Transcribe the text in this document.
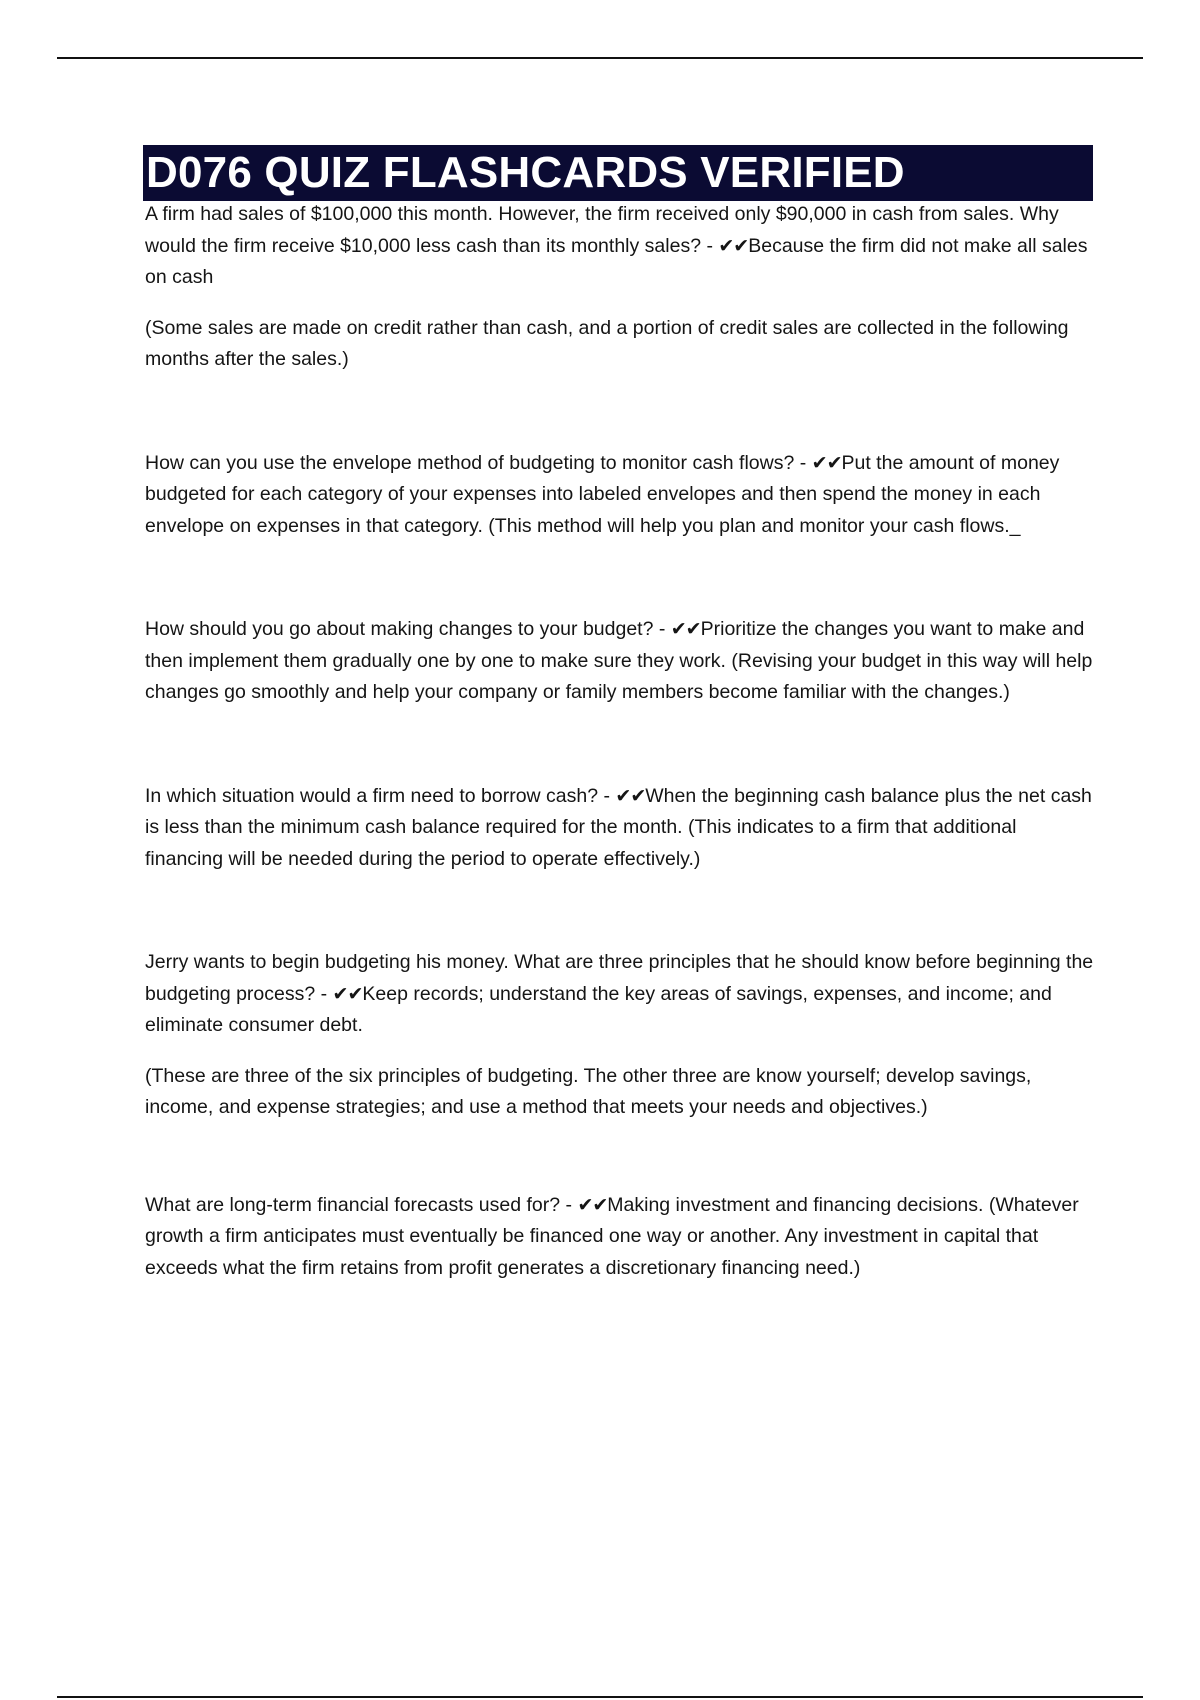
D076 QUIZ FLASHCARDS VERIFIED

A firm had sales of $100,000 this month. However, the firm received only $90,000 in cash from sales. Why would the firm receive $10,000 less cash than its monthly sales? - ✔✔Because the firm did not make all sales on cash

(Some sales are made on credit rather than cash, and a portion of credit sales are collected in the following months after the sales.)

How can you use the envelope method of budgeting to monitor cash flows? - ✔✔Put the amount of money budgeted for each category of your expenses into labeled envelopes and then spend the money in each envelope on expenses in that category. (This method will help you plan and monitor your cash flows._

How should you go about making changes to your budget? - ✔✔Prioritize the changes you want to make and then implement them gradually one by one to make sure they work. (Revising your budget in this way will help changes go smoothly and help your company or family members become familiar with the changes.)

In which situation would a firm need to borrow cash? - ✔✔When the beginning cash balance plus the net cash is less than the minimum cash balance required for the month. (This indicates to a firm that additional financing will be needed during the period to operate effectively.)

Jerry wants to begin budgeting his money. What are three principles that he should know before beginning the budgeting process? - ✔✔Keep records; understand the key areas of savings, expenses, and income; and eliminate consumer debt.

(These are three of the six principles of budgeting. The other three are know yourself; develop savings, income, and expense strategies; and use a method that meets your needs and objectives.)

What are long-term financial forecasts used for? - ✔✔Making investment and financing decisions. (Whatever growth a firm anticipates must eventually be financed one way or another. Any investment in capital that exceeds what the firm retains from profit generates a discretionary financing need.)
